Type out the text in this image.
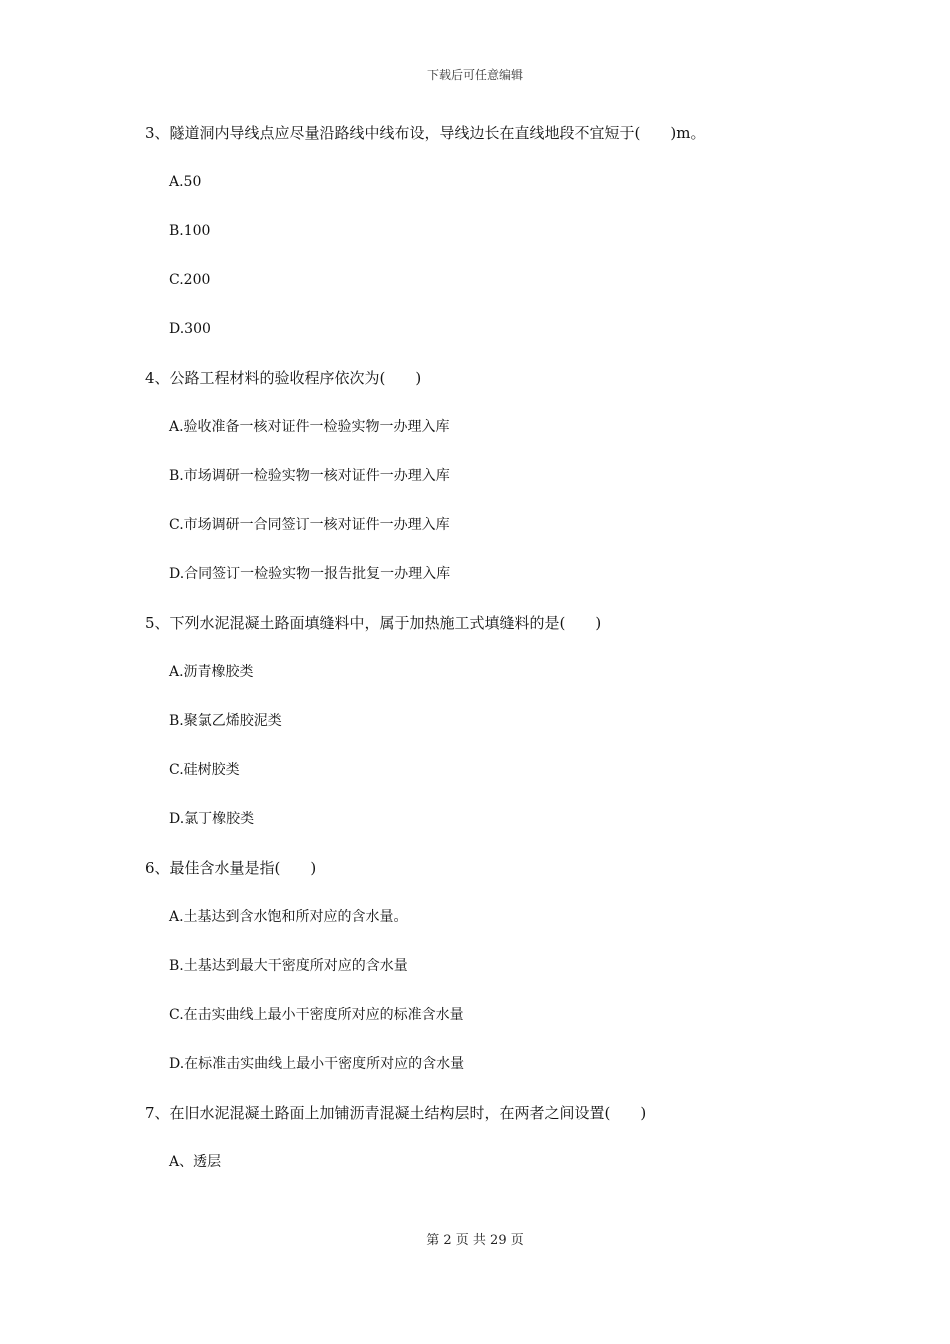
下载后可任意编辑
3、隧道洞内导线点应尽量沿路线中线布设，导线边长在直线地段不宜短于(　　)m。
A.50
B.100
C.200
D.300
4、公路工程材料的验收程序依次为(　　)
A.验收准备一核对证件一检验实物一办理入库
B.市场调研一检验实物一核对证件一办理入库
C.市场调研一合同签订一核对证件一办理入库
D.合同签订一检验实物一报告批复一办理入库
5、下列水泥混凝土路面填缝料中，属于加热施工式填缝料的是(　　)
A.沥青橡胶类
B.聚氯乙烯胶泥类
C.硅树胶类
D.氯丁橡胶类
6、最佳含水量是指(　　)
A.土基达到含水饱和所对应的含水量。
B.土基达到最大干密度所对应的含水量
C.在击实曲线上最小干密度所对应的标准含水量
D.在标准击实曲线上最小干密度所对应的含水量
7、在旧水泥混凝土路面上加铺沥青混凝土结构层时，在两者之间设置(　　)
A、透层
第 2 页 共 29 页
